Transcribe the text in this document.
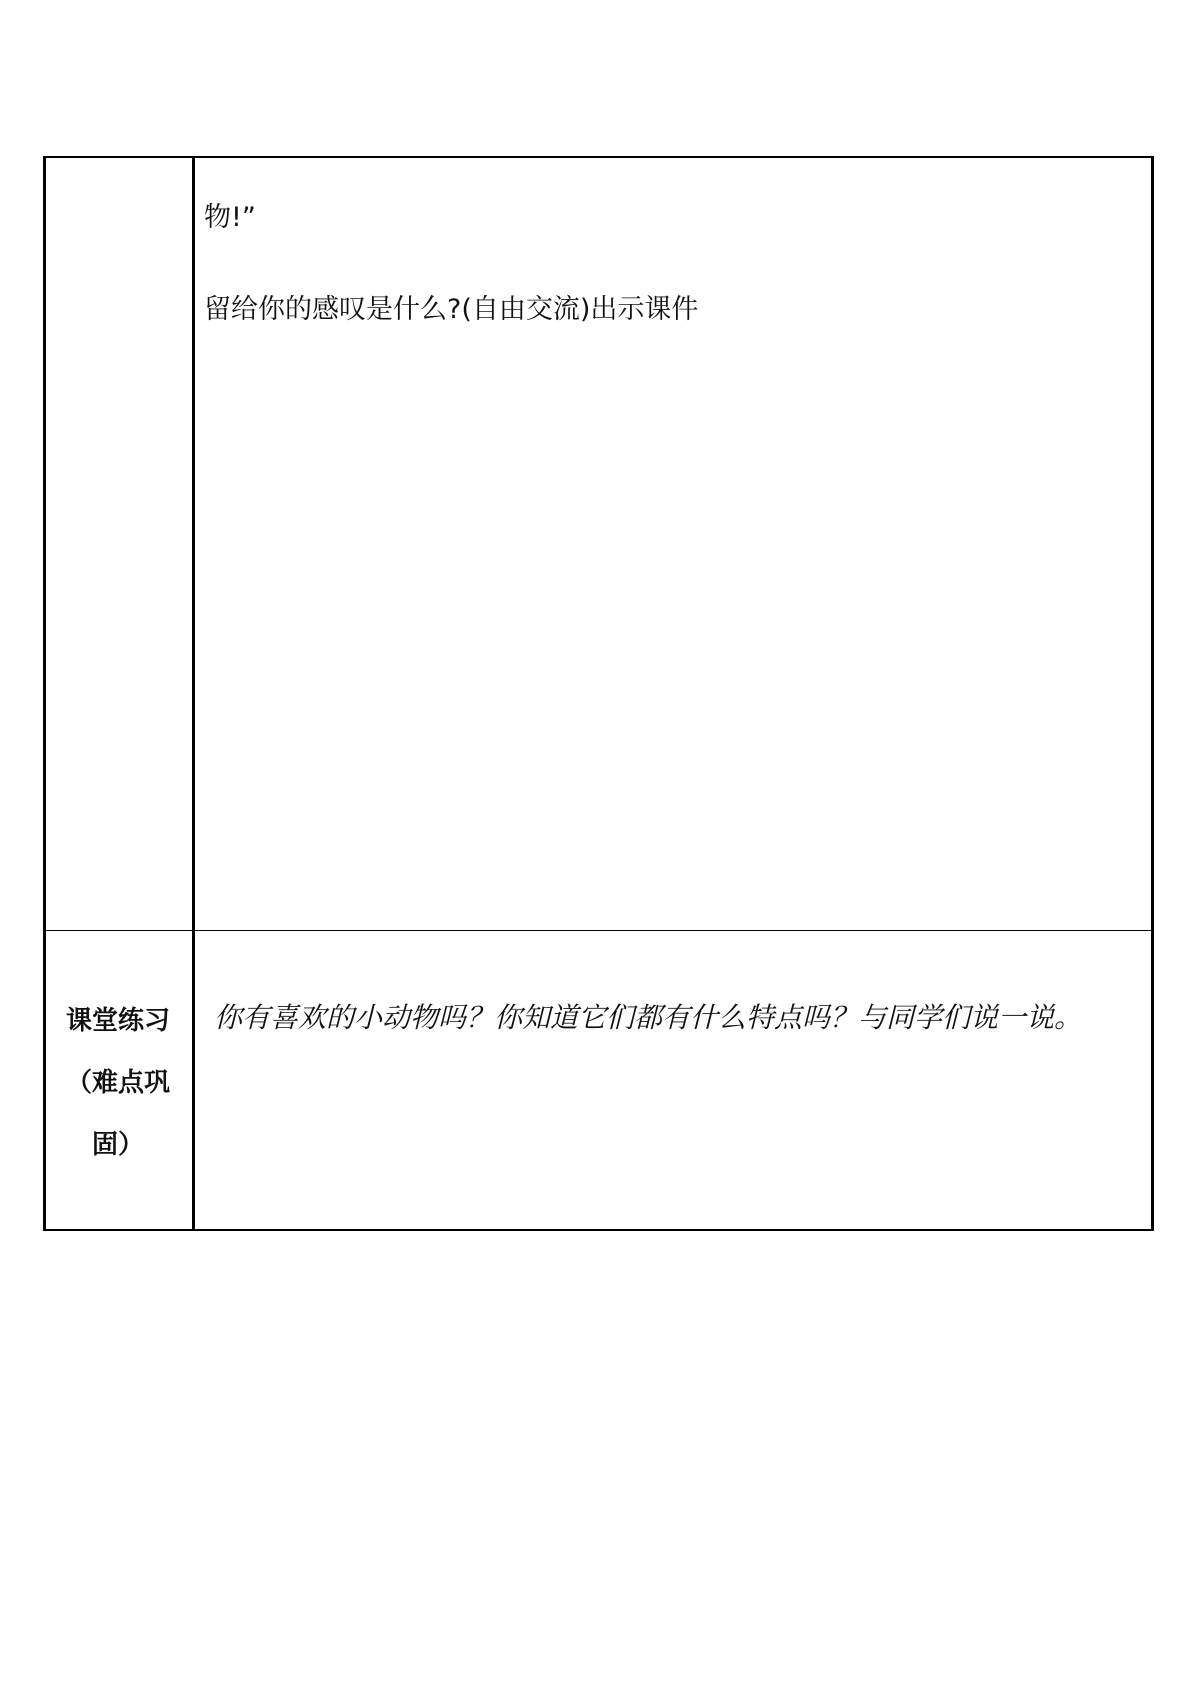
物!”

留给你的感叹是什么?(自由交流)出示课件

课堂练习

（难点巩

固）

你有喜欢的小动物吗？你知道它们都有什么特点吗？与同学们说一说。
